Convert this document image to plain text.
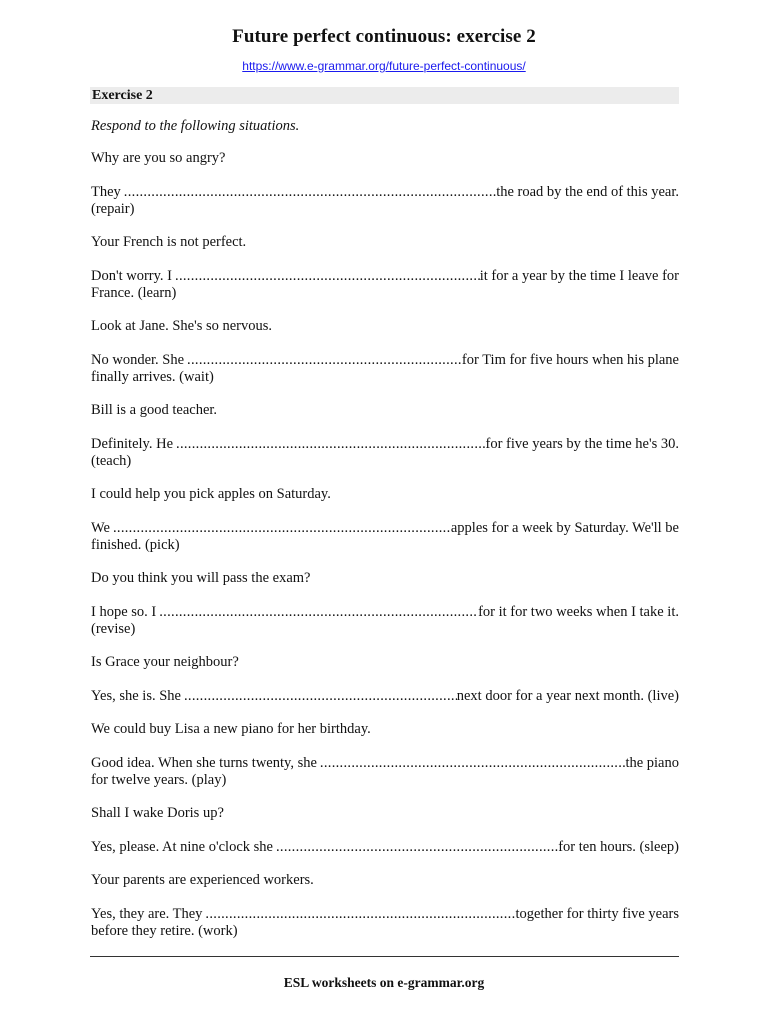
Future perfect continuous: exercise 2
https://www.e-grammar.org/future-perfect-continuous/
Exercise 2
Respond to the following situations.
Why are you so angry?
They .....	the road by the end of this year.
(repair)
Your French is not perfect.
Don't worry. I .....	it for a year by the time I leave for
France. (learn)
Look at Jane. She's so nervous.
No wonder. She .....	for Tim for five hours when his plane
finally arrives. (wait)
Bill is a good teacher.
Definitely. He .....	for five years by the time he's 30.
(teach)
I could help you pick apples on Saturday.
We .....	apples for a week by Saturday. We'll be
finished. (pick)
Do you think you will pass the exam?
I hope so. I .....	for it for two weeks when I take it.
(revise)
Is Grace your neighbour?
Yes, she is. She .....	next door for a year next month. (live)
We could buy Lisa a new piano for her birthday.
Good idea. When she turns twenty, she .....	the piano
for twelve years. (play)
Shall I wake Doris up?
Yes, please. At nine o'clock she .....	for ten hours. (sleep)
Your parents are experienced workers.
Yes, they are. They .....	together for thirty five years
before they retire. (work)
ESL worksheets on e-grammar.org
